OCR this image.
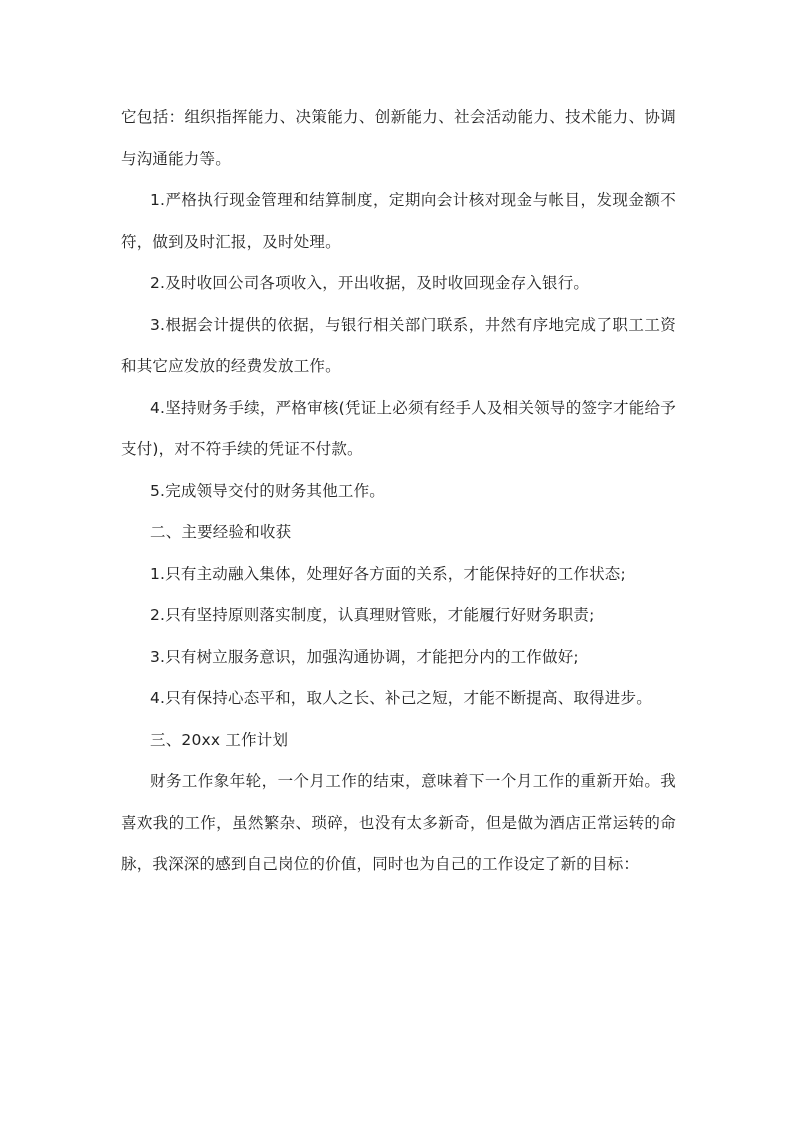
它包括：组织指挥能力、决策能力、创新能力、社会活动能力、技术能力、协调与沟通能力等。

1.严格执行现金管理和结算制度，定期向会计核对现金与帐目，发现金额不符，做到及时汇报，及时处理。

2.及时收回公司各项收入，开出收据，及时收回现金存入银行。

3.根据会计提供的依据，与银行相关部门联系，井然有序地完成了职工工资和其它应发放的经费发放工作。

4.坚持财务手续，严格审核(凭证上必须有经手人及相关领导的签字才能给予支付)，对不符手续的凭证不付款。

5.完成领导交付的财务其他工作。

二、主要经验和收获

1.只有主动融入集体，处理好各方面的关系，才能保持好的工作状态;

2.只有坚持原则落实制度，认真理财管账，才能履行好财务职责;

3.只有树立服务意识，加强沟通协调，才能把分内的工作做好;

4.只有保持心态平和，取人之长、补己之短，才能不断提高、取得进步。

三、20xx 工作计划

财务工作象年轮，一个月工作的结束，意味着下一个月工作的重新开始。我喜欢我的工作，虽然繁杂、琐碎，也没有太多新奇，但是做为酒店正常运转的命脉，我深深的感到自己岗位的价值，同时也为自己的工作设定了新的目标：
